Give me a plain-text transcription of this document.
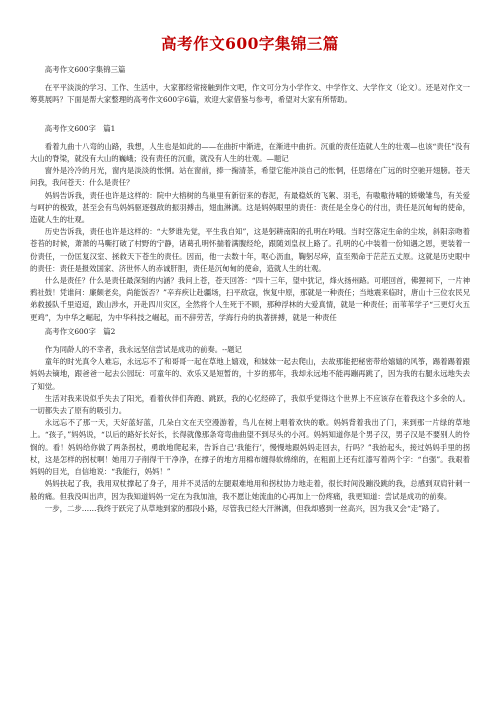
高考作文600字集锦三篇

高考作文600字集锦三篇

在平平淡淡的学习、工作、生活中，大家都经常接触到作文吧，作文可分为小学作文、中学作文、大学作文（论文）。还是对作文一筹莫展吗？下面是帮大家整理的高考作文600字6篇，欢迎大家借鉴与参考，希望对大家有所帮助。

高考作文600字　篇1

看着九曲十八弯的山路，我想，人生也是如此的——在曲折中渐进，在渐进中曲折。沉重的责任造就人生的壮观—也该“责任”没有大山的脊梁，就没有大山的巍峨；没有责任的沉重，就没有人生的壮观。—题记

窗外是冷冷的月光，窗内是淡淡的怅惘。站在窗前，捧一掬清茶，希望它能冲淡自己的怅惘，任思绪在广远的时空驰开翅膀。苍天问我，我问苍天：什么是责任？

妈妈告诉我，责任也许是这样的：院中大榕树的鸟巢里有新衍来的春泥，有最稳妖的飞絮、羽毛，有嗷嗷待哺的娇嫩雏鸟，有关爱与呵护的极致，甚至会有鸟妈妈驱逐强敌的振羽搏击，翅血淋漓。这是妈妈眼里的责任：责任是全身心的付出，责任是沉甸甸的使命，造就人生的壮观。

历史告诉我，责任也许是这样的：“大梦谁先觉，平生我自知”，这是躬耕南阳的孔明在吟哦。当时空落定生命的尘埃，斜阳亲吻着苍苔的时候，萧萧的马嘶打破了村野的宁静，诸葛孔明怀揣着满腹经纶，跟随刘皇叔上路了。孔明的心中装着一份知遇之恩，更装着一份责任，一份匡复汉室、拯救天下苍生的责任。因而，他一去数十年，呕心沥血，鞠躬尽瘁，直至殒命于茫茫五丈原。这就是历史眼中的责任：责任是报效国家、济世怀人的赤诚肝胆，责任是沉甸甸的使命，造就人生的壮观。

什么是责任？什么是责任最深刻的内涵？我问上苍，苍天回答：“四十三年，望中犹记，烽火扬州路。可堪回首，佛狸祠下，一片神鸦社鼓！凭谁问：廉颇老矣，尚能饭否？”辛弃疾让赴疆场，扫平敌寇，恢复中原，那就是一种责任；当地震来临时，唐山十三位农民兄弟救援队千里迢迢，跋山涉水，开赴四川灾区，全然将个人生死于不顾，那种浮林的大爱真情，就是一种责任；而苇苇学子“三更灯火五更鸡”，为中华之崛起，为中华科技之崛起，而不辞劳苦，学海行舟的执著拼搏，就是一种责任

高考作文600字　篇2

作为同龄人的不幸者，我永远坚信尝试是成功的前奏。--题记

童年的时光真令人难忘，永远忘不了和哥哥一起在草地上嬉戏，和妹妹一起去爬山，去故那能把秘密带给嬉嬉的风筝，踢着踢着跟妈妈去镝地，跟爸爸一起去公园玩：可童年的、欢乐又是短暂的，十岁的那年，我却永远地不能再蹦再跳了，因为我的右腿永远地失去了知觉。

生活对我来说似乎失去了阳光，看着伙伴们奔跑、跳跃，我的心忆经碎了，我似乎觉得这个世界上不应该存在着我这个多余的人。一切都失去了原有的吸引力。

永远忘不了那一天，天好蓝好蓝，几朵白文在天空漫游着，鸟儿在树上唱着欢快的歌。妈妈背着我出了门，来到那一片绿的草地上。“孩子，”妈妈说，“以后的路好长好长，长得就像那条弯弯曲曲望不到尽头的小河。妈妈知道你是个男子汉，男子汉是不要别人的怜悯的。看！妈妈给你做了两条拐杖，勇敢地爬起来，告诉自己‘我能行’，慢慢地跟妈妈走回去，行吗？”我抬起头，接过妈妈手里的拐杖，这是怎样的拐杖啊！她用刀子削得干干净净，在撑子的地方用棉布缠得软绵绵的，在粗面上还有红漆写着两个字：“自强”。我艰着妈妈的目光，自信地说：“我能行，妈妈！”

妈妈扶起了我，我用双杖撑起了身子，用并不灵活的左腿艰难地用和拐杖协力地走着，很长时间没蹦没跳的我，总感到双肩针刺一般的痛。但我没叫出声，因为我知道妈妈一定在为我加油，我不愿让她流血的心再加上一份疼痛，我更知道：尝试是成功的前奏。

一步，二步……我终于跃完了从草地到家的那段小路，尽管我已经大汗淋漓，但我却感到一丝高兴，因为我又会“走”路了。
